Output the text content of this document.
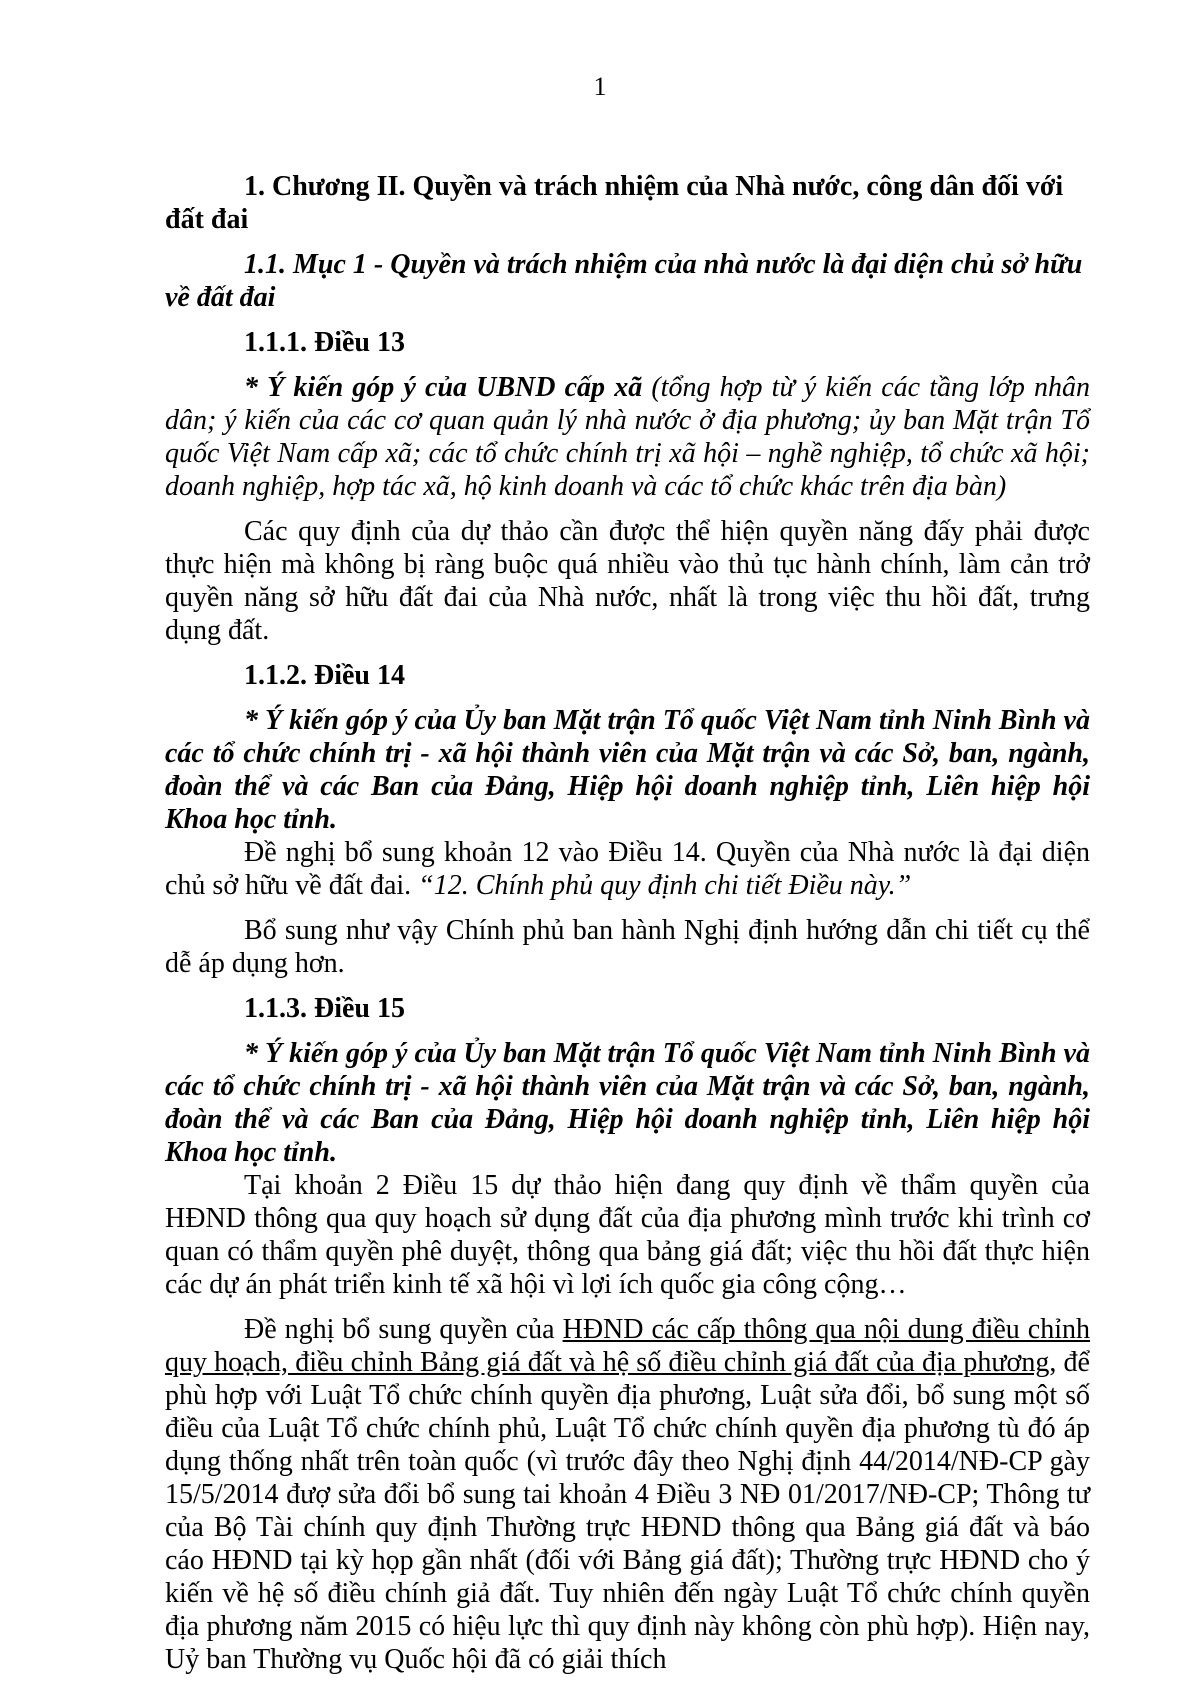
1

1. Chương II. Quyền và trách nhiệm của Nhà nước, công dân đối với đất đai

1.1. Mục 1 - Quyền và trách nhiệm của nhà nước là đại diện chủ sở hữu về đất đai

1.1.1. Điều 13

* Ý kiến góp ý của UBND cấp xã (tổng hợp từ ý kiến các tầng lớp nhân dân; ý kiến của các cơ quan quản lý nhà nước ở địa phương; ủy ban Mặt trận Tổ quốc Việt Nam cấp xã; các tổ chức chính trị xã hội – nghề nghiệp, tổ chức xã hội; doanh nghiệp, hợp tác xã, hộ kinh doanh và các tổ chức khác trên địa bàn)

Các quy định của dự thảo cần được thể hiện quyền năng đấy phải được thực hiện mà không bị ràng buộc quá nhiều vào thủ tục hành chính, làm cản trở quyền năng sở hữu đất đai của Nhà nước, nhất là trong việc thu hồi đất, trưng dụng đất.

1.1.2. Điều 14

* Ý kiến góp ý của Ủy ban Mặt trận Tổ quốc Việt Nam tỉnh Ninh Bình và các tổ chức chính trị - xã hội thành viên của Mặt trận và các Sở, ban, ngành, đoàn thể và các Ban của Đảng, Hiệp hội doanh nghiệp tỉnh, Liên hiệp hội Khoa học tỉnh.

Đề nghị bổ sung khoản 12 vào Điều 14. Quyền của Nhà nước là đại diện chủ sở hữu về đất đai. “12. Chính phủ quy định chi tiết Điều này.”

Bổ sung như vậy Chính phủ ban hành Nghị định hướng dẫn chi tiết cụ thể dễ áp dụng hơn.

1.1.3. Điều 15

* Ý kiến góp ý của Ủy ban Mặt trận Tổ quốc Việt Nam tỉnh Ninh Bình và các tổ chức chính trị - xã hội thành viên của Mặt trận và các Sở, ban, ngành, đoàn thể và các Ban của Đảng, Hiệp hội doanh nghiệp tỉnh, Liên hiệp hội Khoa học tỉnh.

Tại khoản 2 Điều 15 dự thảo hiện đang quy định về thẩm quyền của HĐND thông qua quy hoạch sử dụng đất của địa phương mình trước khi trình cơ quan có thẩm quyền phê duyệt, thông qua bảng giá đất; việc thu hồi đất thực hiện các dự án phát triển kinh tế xã hội vì lợi ích quốc gia công cộng…

Đề nghị bổ sung quyền của HĐND các cấp thông qua nội dung điều chỉnh quy hoạch, điều chỉnh Bảng giá đất và hệ số điều chỉnh giá đất của địa phương, để phù hợp với Luật Tổ chức chính quyền địa phương, Luật sửa đổi, bổ sung một số điều của Luật Tổ chức chính phủ, Luật Tổ chức chính quyền địa phương tù đó áp dụng thống nhất trên toàn quốc (vì trước đây theo Nghị định 44/2014/NĐ-CP gày 15/5/2014 đượ sửa đổi bổ sung tai khoản 4 Điều 3 NĐ 01/2017/NĐ-CP; Thông tư của Bộ Tài chính quy định Thường trực HĐND thông qua Bảng giá đất và báo cáo HĐND tại kỳ họp gần nhất (đối với Bảng giá đất); Thường trực HĐND cho ý kiến về hệ số điều chính giả đất. Tuy nhiên đến ngày Luật Tổ chức chính quyền địa phương năm 2015 có hiệu lực thì quy định này không còn phù hợp). Hiện nay, Uỷ ban Thường vụ Quốc hội đã có giải thích
